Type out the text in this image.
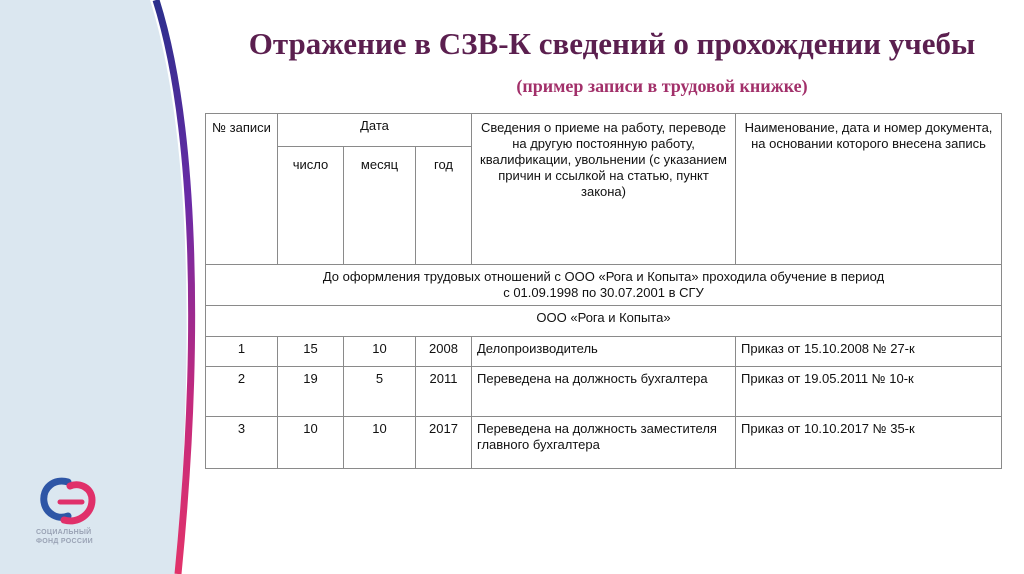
Отражение в СЗВ-К сведений о прохождении учебы
(пример записи в трудовой книжке)
№ записи	Дата			Сведения о приеме на работу, переводе на другую постоянную работу, квалификации, увольнении (с указанием причин и ссылкой на статью, пункт закона)	Наименование, дата и номер документа, на основании которого внесена запись
	число	месяц	год		

До оформления трудовых отношений с ООО «Рога и Копыта» проходила обучение в период
с 01.09.1998 по 30.07.2001 в СГУ					

ООО «Рога и Копыта»					
1	15	10	2008	Делопроизводитель	Приказ от 15.10.2008 № 27-к
2	19	5	2011	Переведена на должность бухгалтера	Приказ от 19.05.2011 № 10-к
3	10	10	2017	Переведена на должность заместителя главного бухгалтера	Приказ от 10.10.2017 № 35-к
СОЦИАЛЬНЫЙ
ФОНД РОССИИ
